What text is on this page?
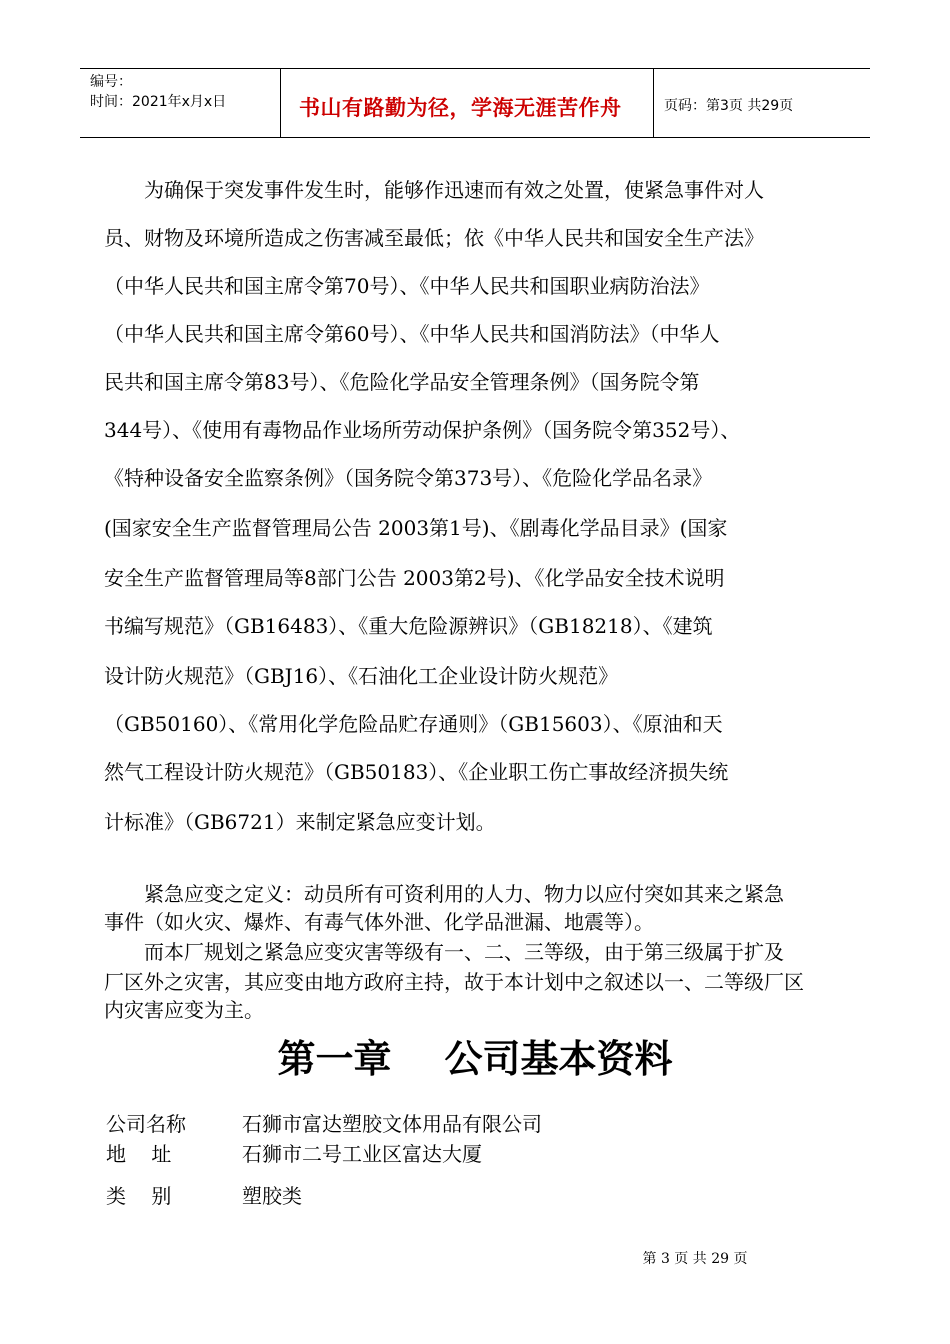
编号：
时间：2021年x月x日	书山有路勤为径，学海无涯苦作舟	页码：第3页 共29页
为确保于突发事件发生时，能够作迅速而有效之处置，使紧急事件对人
员、财物及环境所造成之伤害减至最低；依《中华人民共和国安全生产法》
（中华人民共和国主席令第70号）、《中华人民共和国职业病防治法》
（中华人民共和国主席令第60号）、《中华人民共和国消防法》（中华人
民共和国主席令第83号）、《危险化学品安全管理条例》（国务院令第
344号）、《使用有毒物品作业场所劳动保护条例》（国务院令第352号）、
《特种设备安全监察条例》（国务院令第373号）、《危险化学品名录》
(国家安全生产监督管理局公告 2003第1号)、《剧毒化学品目录》(国家
安全生产监督管理局等8部门公告 2003第2号)、《化学品安全技术说明
书编写规范》（GB16483）、《重大危险源辨识》（GB18218）、《建筑
设计防火规范》（GBJ16）、《石油化工企业设计防火规范》
（GB50160）、《常用化学危险品贮存通则》（GB15603）、《原油和天
然气工程设计防火规范》（GB50183）、《企业职工伤亡事故经济损失统
计标准》（GB6721）来制定紧急应变计划。
紧急应变之定义：动员所有可资利用的人力、物力以应付突如其来之紧急
事件（如火灾、爆炸、有毒气体外泄、化学品泄漏、地震等）。
而本厂规划之紧急应变灾害等级有一、二、三等级，由于第三级属于扩及
厂区外之灾害，其应变由地方政府主持，故于本计划中之叙述以一、二等级厂区
内灾害应变为主。
第一章    公司基本资料
公司名称	石狮市富达塑胶文体用品有限公司
地    址	石狮市二号工业区富达大厦
类    别	塑胶类
第 3 页 共 29 页
